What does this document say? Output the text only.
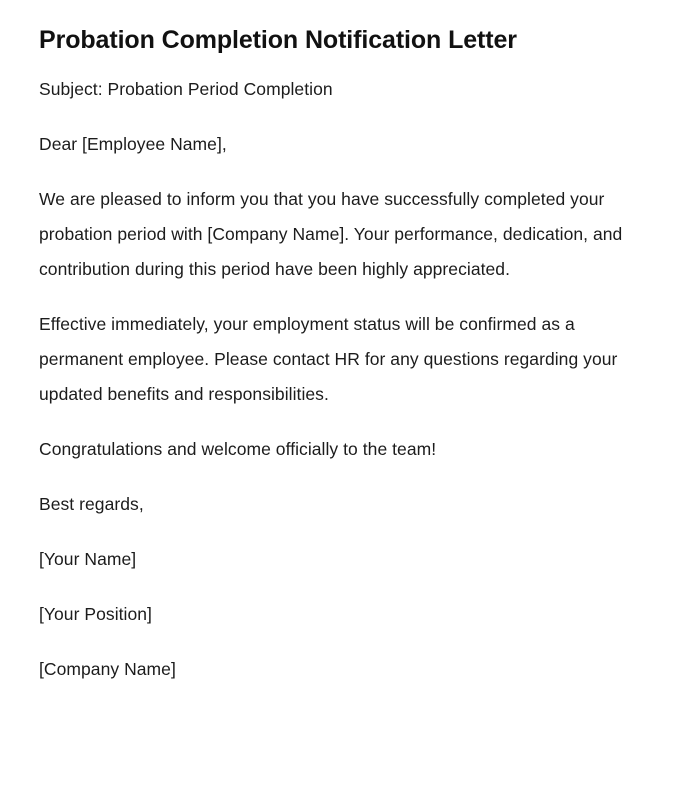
Probation Completion Notification Letter

Subject: Probation Period Completion

Dear [Employee Name],

We are pleased to inform you that you have successfully completed your probation period with [Company Name]. Your performance, dedication, and contribution during this period have been highly appreciated.

Effective immediately, your employment status will be confirmed as a permanent employee. Please contact HR for any questions regarding your updated benefits and responsibilities.

Congratulations and welcome officially to the team!

Best regards,

[Your Name]

[Your Position]

[Company Name]
